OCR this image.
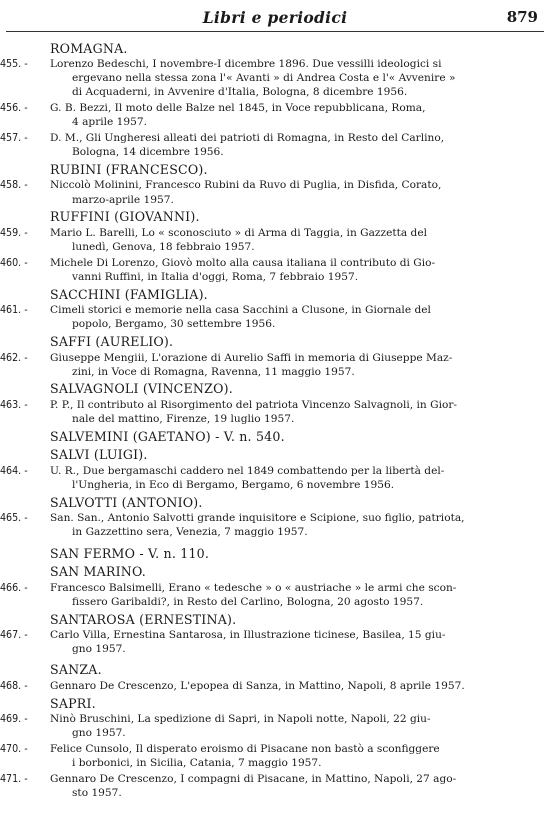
Libri e periodici	879
ROMAGNA.
455. -	Lorenzo Bedeschi, I novembre-I dicembre 1896. Due vessilli ideologici si
ergevano nella stessa zona l'« Avanti » di Andrea Costa e l'« Avvenire »
di Acquaderni, in Avvenire d'Italia, Bologna, 8 dicembre 1956.
456. -	G. B. Bezzi, Il moto delle Balze nel 1845, in Voce repubblicana, Roma,
4 aprile 1957.
457. -	D. M., Gli Ungheresi alleati dei patrioti di Romagna, in Resto del Carlino,
Bologna, 14 dicembre 1956.
RUBINI (FRANCESCO).
458. -	Niccolò Molinini, Francesco Rubini da Ruvo di Puglia, in Disfida, Corato,
marzo-aprile 1957.
RUFFINI (GIOVANNI).
459. -	Mario L. Barelli, Lo « sconosciuto » di Arma di Taggia, in Gazzetta del
lunedì, Genova, 18 febbraio 1957.
460. -	Michele Di Lorenzo, Giovò molto alla causa italiana il contributo di Gio-
vanni Ruffini, in Italia d'oggi, Roma, 7 febbraio 1957.
SACCHINI (FAMIGLIA).
461. -	Cimeli storici e memorie nella casa Sacchini a Clusone, in Giornale del
popolo, Bergamo, 30 settembre 1956.
SAFFI (AURELIO).
462. -	Giuseppe Mengiii, L'orazione di Aurelio Saffi in memoria di Giuseppe Maz-
zini, in Voce di Romagna, Ravenna, 11 maggio 1957.
SALVAGNOLI (VINCENZO).
463. -	P. P., Il contributo al Risorgimento del patriota Vincenzo Salvagnoli, in Gior-
nale del mattino, Firenze, 19 luglio 1957.
SALVEMINI (GAETANO) - V. n. 540.
SALVI (LUIGI).
464. -	U. R., Due bergamaschi caddero nel 1849 combattendo per la libertà del-
l'Ungheria, in Eco di Bergamo, Bergamo, 6 novembre 1956.
SALVOTTI (ANTONIO).
465. -	San. San., Antonio Salvotti grande inquisitore e Scipione, suo figlio, patriota,
in Gazzettino sera, Venezia, 7 maggio 1957.
SAN FERMO - V. n. 110.
SAN MARINO.
466. -	Francesco Balsimelli, Erano « tedesche » o « austriache » le armi che scon-
fissero Garibaldi?, in Resto del Carlino, Bologna, 20 agosto 1957.
SANTAROSA (ERNESTINA).
467. -	Carlo Villa, Ernestina Santarosa, in Illustrazione ticinese, Basilea, 15 giu-
gno 1957.
SANZA.
468. -	Gennaro De Crescenzo, L'epopea di Sanza, in Mattino, Napoli, 8 aprile 1957.
SAPRI.
469. -	Ninò Bruschini, La spedizione di Sapri, in Napoli notte, Napoli, 22 giu-
gno 1957.
470. -	Felice Cunsolo, Il disperato eroismo di Pisacane non bastò a sconfiggere
i borbonici, in Sicilia, Catania, 7 maggio 1957.
471. -	Gennaro De Crescenzo, I compagni di Pisacane, in Mattino, Napoli, 27 ago-
sto 1957.
